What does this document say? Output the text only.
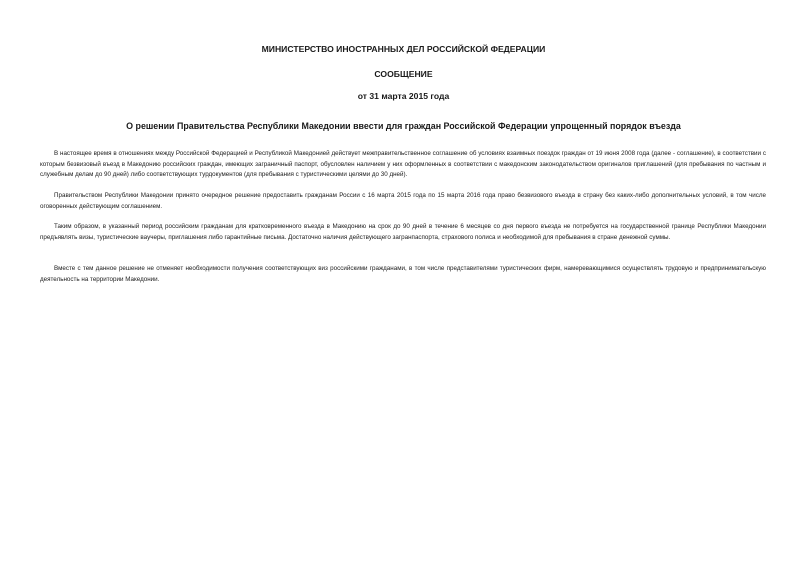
МИНИСТЕРСТВО ИНОСТРАННЫХ ДЕЛ РОССИЙСКОЙ ФЕДЕРАЦИИ
СООБЩЕНИЕ
от 31 марта 2015 года
О решении Правительства Республики Македонии ввести для граждан Российской Федерации упрощенный порядок въезда

В настоящее время в отношениях между Российской Федерацией и Республикой Македонией действует межправительственное соглашение об условиях взаимных поездок граждан от 19 июня 2008 года (далее - соглашение), в соответствии с которым безвизовый въезд в Македонию российских граждан, имеющих заграничный паспорт, обусловлен наличием у них оформленных в соответствии с македонским законодательством оригиналов приглашений (для пребывания по частным и служебным делам до 90 дней) либо соответствующих турдокументов (для пребывания с туристическими целями до 30 дней).

Правительством Республики Македонии принято очередное решение предоставить гражданам России с 16 марта 2015 года по 15 марта 2016 года право безвизового въезда в страну без каких-либо дополнительных условий, в том числе оговоренных действующим соглашением.

Таким образом, в указанный период российским гражданам для кратковременного въезда в Македонию на срок до 90 дней в течение 6 месяцев со дня первого въезда не потребуется на государственной границе Республики Македонии предъявлять визы, туристические ваучеры, приглашения либо гарантийные письма. Достаточно наличия действующего загранпаспорта, страхового полиса и необходимой для пребывания в стране денежной суммы.

Вместе с тем данное решение не отменяет необходимости получения соответствующих виз российскими гражданами, в том числе представителями туристических фирм, намеревающимися осуществлять трудовую и предпринимательскую деятельность на территории Македонии.
